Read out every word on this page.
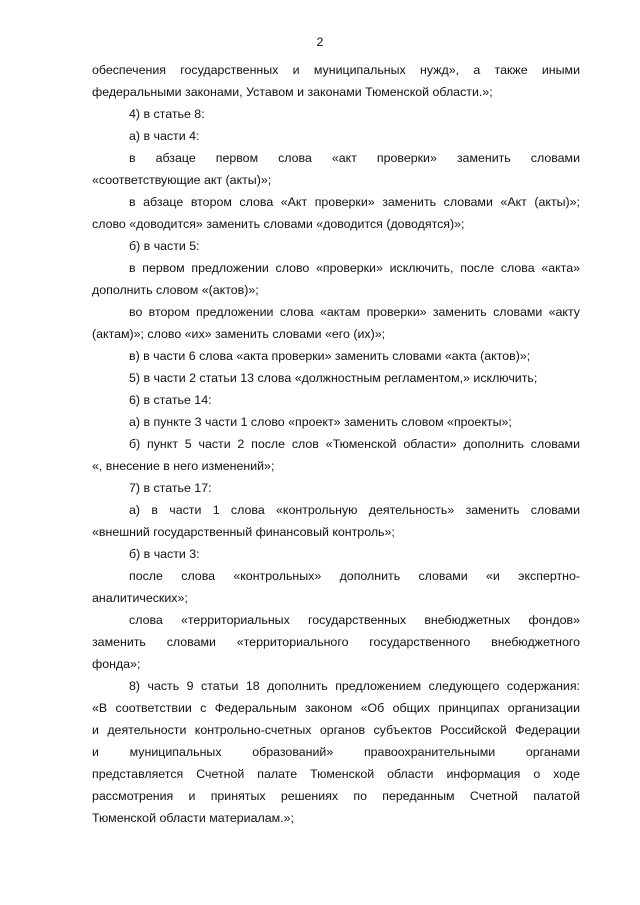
2
обеспечения государственных и муниципальных нужд», а также иными
федеральными законами, Уставом и законами Тюменской области.»;
4) в статье 8:
а) в части 4:
в абзаце первом слова «акт проверки» заменить словами
«соответствующие акт (акты)»;
в абзаце втором слова «Акт проверки» заменить словами «Акт (акты)»;
слово «доводится» заменить словами «доводится (доводятся)»;
б) в части 5:
в первом предложении слово «проверки» исключить, после слова «акта»
дополнить словом «(актов)»;
во втором предложении слова «актам проверки» заменить словами «акту
(актам)»; слово «их» заменить словами «его (их)»;
в) в части 6 слова «акта проверки» заменить словами «акта (актов)»;
5) в части 2 статьи 13 слова «должностным регламентом,» исключить;
6) в статье 14:
а) в пункте 3 части 1 слово «проект» заменить словом «проекты»;
б) пункт 5 части 2 после слов «Тюменской области» дополнить словами
«, внесение в него изменений»;
7) в статье 17:
а) в части 1 слова «контрольную деятельность» заменить словами
«внешний государственный финансовый контроль»;
б) в части 3:
после слова «контрольных» дополнить словами «и экспертно-
аналитических»;
слова «территориальных государственных внебюджетных фондов»
заменить словами «территориального государственного внебюджетного
фонда»;
8) часть 9 статьи 18 дополнить предложением следующего содержания:
«В соответствии с Федеральным законом «Об общих принципах организации
и деятельности контрольно-счетных органов субъектов Российской Федерации
и муниципальных образований» правоохранительными органами
представляется Счетной палате Тюменской области информация о ходе
рассмотрения и принятых решениях по переданным Счетной палатой
Тюменской области материалам.»;
